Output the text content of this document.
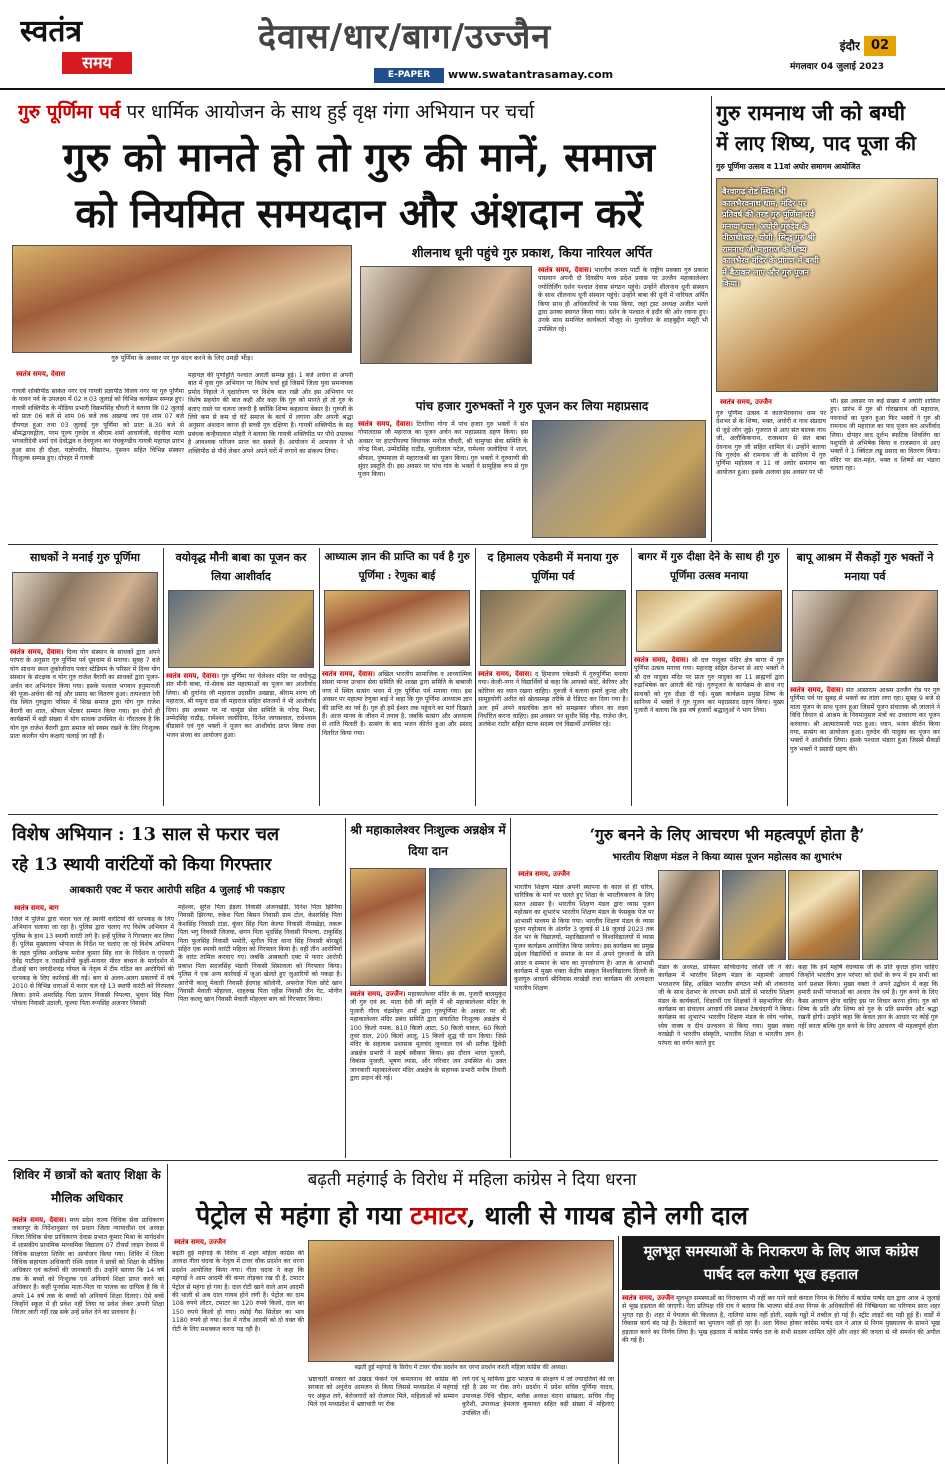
स्वतंत्र
समय
देवास/धार/बाग/उज्जैन
E-PAPER	www.swatantrasamay.com
इंदौर 02
मंगलवार 04 जुलाई 2023
गुरु पूर्णिमा पर्व पर धार्मिक आयोजन के साथ हुई वृक्ष गंगा अभियान पर चर्चा
गुरु को मानते हो तो गुरु की मानें, समाज
को नियमित समयदान और अंशदान करें
गुरु पूर्णिमा के अवसर पर गुरु वंदन करने के लिए उमड़ी भीड़।
स्वतंत्र समय, देवास
गायत्री शक्तिपीठ साकेत नगर एवं गायत्री प्रज्ञापीठ विजय नगर पर गुरु पूर्णिमा के पावन पर्व के उपलक्ष्य में 02 व 03 जुलाई को विभिन्न कार्यक्रम सम्पन्न हुए। गायत्री शक्तिपीठ के मीडिया प्रभारी विक्रमसिंह चौधरी ने बताया कि 02 जुलाई को प्रातः 06 बजे से शाम 06 बजे तक अखण्ड जप एवं शाम 07 बजे दीपयज्ञ हुआ तथा 03 जुलाई गुरु पूर्णिमा को प्रातः 8.30 बजे से श्रीमद्भगवद्गीता, परम पूज्य गुरुदेव व श्रीराम शर्मा आचार्यजी, वंदनीया माता भगवतीदेवी शर्मा एवं देवोद्भव व देवपूजन कर पंचकुण्डीय गायत्री महायज्ञ प्रारंभ हुआ साथ ही दीक्षा, यज्ञोपवीत, विद्यारंभ, पुंसवन सहित विभिन्न संस्कार निःशुल्क सम्पन्न हुए। दोपहर में गायत्री
महायज्ञ की पूर्णाहुति पश्चात आरती सम्पन्न हुई। 1 बजे अर्चना से अपनी बात में युवा गुरु अभियान पर विशेष चर्चा हुई जिसमें जिला युवा समन्वयक प्रमोद निहाले ने वृक्षारोपण पर विशेष बात रखी और इस अभियान पर विशेष सहयोग की बात कही और कहा कि गुरु को मानते हो तो गुरु के बताए रास्ते पर चलना जरूरी है क्योंकि शिष्य कहलाना बेकार है। गुरुजी के लिये कम से कम दो घंटे समाज के कार्य में लगाना और अपनी श्रद्धा अनुसार अंशदान करना ही सच्ची गुरु दक्षिणा है। गायत्री शक्तिपीठ के सह प्रबंधक कन्हैयालाल मोहरी ने बताया कि गायत्री शक्तिपीठ पर पौधे उपलब्ध है आवश्यक परिजन प्राप्त कर सकते हैं। आयोजन में आमजन ने भी शक्तिपीठ से पौधे लेकर अपने अपने घरों में लगाने का संकल्प लिया।
शीलनाथ धूनी पहुंचे गुरु प्रकाश, किया नारियल अर्पित
स्वतंत्र समय, देवास। भारतीय जनता पार्टी के राष्ट्रीय प्रवक्ता गुरु प्रकाश पासवान अपनी दो दिवसीय मध्य प्रदेश प्रवास पर उज्जैन महाकालेश्वर ज्योतिर्लिंग दर्शन पश्चात देवास संगठन पहुंचे। उन्होंने शीलनाथ धूनी संस्थान के साथ शीलनाथ धूनी संस्थान पहुंचे। उन्होंने बाबा की धूनी में नारियल अर्पित किया साथ ही अधिकारियों के पास किया, जहां ट्रस्ट अध्यक्ष अजीत भल्ले द्वारा उनका स्वागत किया गया। दर्शन के पश्चात वे इंदौर की ओर रवाना हुए। उनके साथ समन्वित कार्यकर्ता मौजूद थे। मुरलीधर के शाहबुद्दीन मंसूरी भी उपस्थित रहे।
पांच हजार गुरुभक्तों ने गुरु पूजन कर लिया महाप्रसाद
स्वतंत्र समय, देवास। टिगरिया गोगा में पांच हजार गुरु भक्तों ने संत गोपालदास जी महाराज का पूजन अर्चन कर महाप्रसाद ग्रहण किया। इस अवसर पर हाटपीपल्या विधायक मनोज चौधरी, श्री चामुण्डा सेवा समिति के नरेन्द्र मिश्रा, उम्मेदसिंह राठौड़, मुरलीलाल पटेल, रामेश्वर जलोदिया ने शाल, श्रीफल, पुष्पमाला से महाराजश्री का पूजन किया। गुरु भक्तों ने गुरुवाणी की सुंदर प्रस्तुति दी। इस अवसर पर पांच गांव के भक्तों ने सामूहिक रूप से गुरु पूजन किया।
गुरु रामनाथ जी को बग्घी
में लाए शिष्य, पाद पूजा की
गुरु पूर्णिमा उत्सव व 11वां अघोर समागम आयोजित
बैरवागढ़ रोड स्थित श्री कालभैरवनाथ धाम, मंदिर पर प्रतिवर्ष की तरह गुरु पूर्णिमा पर्व मनाया गया। अघोरी गुरुदेव के पीठाधीश्वर, योगी, सिद्ध गुरु श्री रामनाथ जी महाराज के शिष्य कालभैरव मंदिर के प्रांगण में बग्घी में बैठाकर लाए और गुरु पूजन किया।
स्वतंत्र समय, उज्जैन
गुरु पूर्णिमा उत्सव में कालभैरवनाथ धाम पर देशभर से के शिष्य, भक्त, अघोरी व नाथ संप्रदाय से जुड़े लोग जुड़े। गुजरात से आए संत बालक नाथ जी, अलौकिकनाथ, राजस्थान से संत बाबा देवनाथ गुरु जी सहित शामिल थे। उन्होंने बताया कि गुरुदेव श्री रामनाथ जी के सानिध्य में गुरु पूर्णिमा महोत्सव व 11 वां अघोर समागम का आयोजन हुआ। इसके अलावा इस अवसर पर भी
भी। इस अवसर पर कई संख्या में अघोरी शामिल हुए। प्रारंभ में गुरु श्री गोरखनाथ जी महाराज, नवनाथों का पूजन हुआ फिर भक्तों ने गुरु श्री रामनाथ जी महाराज का पाद पूजन कर आशीर्वाद लिया। दोपहर बाद दुर्लभ स्फटिक शिवलिंग का पशुपति से अभिषेक किया व राजस्थान से आए भक्तों ने 1 क्विंटल लड्डू प्रसाद का वितरण किया। मंदिर पर संत-महंत, भक्त व शिष्यों का भंडारा चलता रहा।
साधकों ने मनाई गुरु पूर्णिमा
स्वतंत्र समय, देवास। दिव्य योग संस्थान के साधकों द्वारा अपने परंपरा के अनुसार गुरु पूर्णिमा पर्व धूमधाम से मनाया। सुबह 7 बजे योग साधना स्थल तुकोजीराव पवार स्टेडियम के परिसर में दिव्य योग संस्थान के संरक्षक व योग गुरु राजेश बैरागी का साधकों द्वारा पूजन-अर्चन कर अभिनंदन किया गया। इसके पश्चात भगवान हनुमानजी की पूजा-अर्चना की गई और प्रसाद का वितरण हुआ। तत्पश्चात रेवी रोड स्थित गुरुद्वारा परिसर में सिख समाज द्वारा योग गुरु राजेश बैरागी का शाल, श्रीफल भेंटकर सम्मान किया गया। इन दोनों ही कार्यक्रमों में बड़ी संख्या में योग साधक उपस्थित थे। गौरतलब है कि योग गुरु राजेश बैरागी द्वारा समाज को स्वस्थ रखने के लिए निःशुल्क प्रातः कालीन योग कक्षाएं चलाई जा रही हैं।
वयोवृद्ध मौनी बाबा का पूजन कर लिया आशीर्वाद
स्वतंत्र समय, देवास। गुरु पूर्णिमा पर चेलेश्वर मंदिर पर वयोवृद्ध संत मौनी बाबा, गो-सेवक संत महात्माओं का पूजन कर आशीर्वाद लिया। श्री दुर्गानंद जी महाराज उदासीन अखाड़ा, श्रीराम शरण जी महाराज, श्री यमुना दास जी महाराज सहित संतजनों ने भी आशीर्वाद दिया। इस अवसर पर मां चामुंडा सेवा समिति के नरेन्द्र मिश्रा, उम्मेदसिंह राठौड़, रामेश्वर जलोदिया, दिनेश जायसवाल, राधेश्याम बीडासने एवं गुरु भक्तों ने पूजन कर आशीर्वाद प्राप्त किया तथा भजन संध्या का आयोजन हुआ।
आध्यात्म ज्ञान की प्राप्ति का पर्व है गुरु पूर्णिमा : रेणुका बाई
स्वतंत्र समय, देवास। अखिल भारतीय सामाजिक व आध्यात्मिक संस्था मानव उत्थान सेवा समिति की शाखा द्वारा समिति के बाबाजी नगर में स्थित सत्संग भवन में गुरु पूर्णिमा पर्व मनाया गया। इस अवसर पर महात्मा रेणुका बाई ने कहा कि गुरु पूर्णिमा आध्यात्म ज्ञान की प्राप्ति का पर्व है। गुरु ही हमें ईश्वर तक पहुंचने का मार्ग दिखाते हैं। आज मानव के जीवन में तनाव है, जबकि सत्संग और आध्यात्म से शांति मिलती है। सत्संग के बाद भजन कीर्तन हुआ और प्रसाद वितरित किया गया।
द हिमालय एकेडमी में मनाया गुरु पूर्णिमा पर्व
स्वतंत्र समय, देवास। द हिमालय एकेडमी में गुरुपूर्णिमा मनाया गया। केजी-नगर ने विद्यार्थियों से कहा कि आपको कोटे, केरियर और कोरियर का ध्यान रखना चाहिए। गुरुजी ने बताया हमारे कुन्दा और सामूहयोगी अतीत को खेलसमझ तरीके से रेडिएट कर दिया गया है। अतः हमें अपने वास्तविक ज्ञान को समझकर जीवन का लक्ष्य निर्धारित करना चाहिए। इस अवसर पर सुधीर सिंह गौड़, राजेश जैन, अलंकेश राठौर सहित स्टाफ सदस्य एवं विद्यार्थी उपस्थित रहे।
बागर में गुरु दीक्षा देने के साथ ही गुरु पूर्णिमा उत्सव मनाया
स्वतंत्र समय, देवास। श्री दत्त पादुका मंदिर क्षेत्र बागर में गुरु पूर्णिमा उत्सव मनाया गया। महाराष्ट्र सहित देशभर से आए भक्तों ने श्री दत्त पादुका मंदिर पर प्रातः गुरु पादुका का 11 ब्राह्मणों द्वारा रुद्राभिषेक कर आरती की गई। गुरुपूजन के कार्यक्रम के साथ नए साधकों को गुरु दीक्षा दी गई। मुख्य कार्यक्रम प्रमुख शिष्य के सानिध्य में भक्तों ने गुरु पूजन कर महाप्रसाद ग्रहण किया। मुख्य पुजारी ने बताया कि इस वर्ष हजारों श्रद्धालुओं ने भाग लिया।
बापू आश्रम में सैकड़ों गुरु भक्तों ने मनाया पर्व
स्वतंत्र समय, देवास। संत आसाराम आश्रम उज्जैन रोड पर गुरु पूर्णिमा पर्व पर सुबह से भक्तों का तांता लगा रहा। सुबह 9 बजे से माता पूजन के साथ पूजन हुआ जिसमें पूजन संचालक श्री जालाने ने विधि विधान से आश्रम के नियमानुसार मंत्रों का उच्चारण कर पूजन करवाया। श्री आत्मारामजी पाठ हुआ। ध्यान, भजन कीर्तन किया गया, सत्संग का आयोजन हुआ। गुरुदेव की पादुका का पूजन कर भक्तों ने आशीर्वाद लिया। इसके पश्चात भंडारा हुआ जिसमें सैकड़ों गुरु भक्तों ने प्रसादी ग्रहण की।
विशेष अभियान : 13 साल से फरार चल
रहे 13 स्थायी वारंटियों को किया गिरफ्तार
आबकारी एक्ट में फरार आरोपी सहित 4 जुलाई भी पकड़ाए
स्वतंत्र समय, बाग
जिले में पुलिस द्वारा फरार चल रहे स्थायी वारंटियों की धरपकड़ के लिए अभियान चलाया जा रहा है। पुलिस द्वारा चलाए गए विशेष अभियान में पुलिस के हाथ 13 स्थायी वारंटी लगे है। इन्हें पुलिस ने गिरफ्तार कर लिया है। पुलिस मुख्यालय भोपाल के निर्देश पर चलाए जा रहे विशेष अभियान के तहत पुलिस अधीक्षक मनोज कुमार सिंह धार के निर्देशन व एएसपी देवेंद्र पाटीदार व एसडीओपी कुक्षी-मनावर मीरत बच्चन के मार्गदर्शन में टीआई बाग जगदीशचंद्र गोयल के नेतृत्व में टीम गठित कर आरोपियों की धरपकड़ के लिए कार्रवाई की गई। बाग से अलग-अलग प्रकरणों में वर्ष 2010 से विभिन्न धाराओं में फरार चल रहे 13 स्थायी वारंटी को गिरफ्तार किया। इनमें अमरसिंह पिता प्रताप निवासी पिपल्या, भुवान सिंह पिता पोचला निवासी उठाली, फूल्या पिता रूपसिंह अजनार निवासी
महेश्वर, सुरेश पिता ईड़ला निवासी अंजनखेड़ी, दिनेश पिता झिनिया निवासी झिरन्या, रुकेश पिता बिसन निवासी ग्राम टोल, केसरसिंह पिता केशसिंह निवासी टांडा, कुंवर सिंह पिता केल्या निवासी नीमखेड़ा, तकरू पिता भगु निवासी जिजवा, छगन पिता भूदसिंह निवासी पिपल्या, टाकुसिंह पिता फूलसिंह निवासी भमोरी, सुनील पिता थाना सिंह निवासी बोरखुर्द सहित एक स्थायी वारंटी महिला को गिरफ्तार किया है। वहीं तीन आरोपियों के वारंट तामिल करवाए गए। जबकि आबकारी एक्ट में फरार आरोपी प्रकाश पिता सदजसिंह भंडारी निवासी सिसावला को गिरफ्तार किया। पुलिस ने एक अन्य कार्रवाई में जुआ खेलते हुए जुआरियों को पकड़ा है। आरोपी कालू मेवाती निवासी ईदगाह कॉलोनी, अफरोज पिता छोटे खान निवासी मेवाती मोहल्ला, शाहरुख पिता रहीस निवासी जैन गेट, मोनीन पिता कल्लू खान निवासी मेवाती मोहल्ला बाग को गिरफ्तार किया।
श्री महाकालेश्वर निःशुल्क अन्नक्षेत्र में दिया दान
स्वतंत्र समय, उज्जैन। महाकालेश्वर मंदिर के स्व. पुजारी बालमुकुंद जी गुरु एवं स्व. माता देवी जी स्मृति में श्री महाकालेश्वर मंदिर के पुजारी गौरव चंद्रमोहन शर्मा द्वारा गुरुपूर्णिमा के अवसर पर श्री महाकालेश्वर मंदिर प्रबंध समिति द्वारा संचालित निःशुल्क अन्नक्षेत्र में 100 किलो नमक, 810 किलो आटा, 50 किलो चावल, 60 किलो तुवर दाल, 200 किलो आलू, 15 किलो शुद्ध घी दान किया। जिसे मंदिर के सहायक प्रशासक मूलचंद जूनवाल एवं श्री प्रतीक द्विवेदी अन्नक्षेत्र प्रभारी ने सहर्ष स्वीकार किया। इस दौरान भारत पुजारी, विकास पुजारी, भूषण व्यास, और परिवार जन उपस्थित थे। उक्त जानकारी महाकालेश्वर मंदिर अन्नक्षेत्र के सहायक प्रभारी मनीष तिवारी द्वारा प्रदान की गई।
‘गुरु बनने के लिए आचरण भी महत्वपूर्ण होता है’
भारतीय शिक्षण मंडल ने किया व्यास पूजन महोत्सव का शुभारंभ
स्वतंत्र समय, उज्जैन
भारतीय शिक्षण मंडल अपनी स्थापना के काल से ही चरित्र, चारित्रिक के मार्ग पर चलते हुए शिक्षा के भारतीयकरण के लिए सतत अग्रसर है। भारतीय शिक्षण मंडल द्वारा व्यास पूजन महोत्सव का शुभारंभ भारतीय शिक्षण मंडल के फेसबुक पेज पर आभासी माध्यम से किया गया। भारतीय शिक्षण मंडल के व्यास पूजन महोत्सव के अंतर्गत 3 जुलाई से 18 जुलाई 2023 तक देश भर के विद्यालयों, महाविद्यालयों व विश्वविद्यालयों में व्यास पूजन कार्यक्रम आयोजित किया जायेगा। इस कार्यक्रम का प्रमुख उद्देश्य विद्यार्थियों व समाज के मन में अपने गुरुजनों के प्रति आदर व सम्मान के भाव का पुनर्जागरण है। आज के आभासी कार्यक्रम में मुख्य वक्ता केंद्रीय संस्कृत विश्वविद्यालय दिल्ली के कुलगुरु आचार्य श्रीनिवास वरखेड़ी तथा कार्यक्रम की अध्यक्षता भारतीय शिक्षण
मंडल के अध्यक्ष, प्रोफेसर सच्चिदानंद जोशी जी ने की। कार्यक्रम में भारतीय शिक्षण मंडल के महामंत्री आचार्य भरतशरण सिंह, अखिल भारतीय संगठन मंत्री श्री शंकरानंद जी के साथ देशभर के लगभग सभी प्रांतों से भारतीय शिक्षण मंडल के कार्यकर्ता, शिक्षार्थी एव शिक्षकों ने सहभागिता की। कार्यक्रम का संचालन आचार्य रवि प्रकाश टेकचंदानी ने किया। कार्यक्रम का शुभारंभ भारतीय शिक्षण मंडल के ध्येय श्लोक, ध्येय वाक्य व दीप प्रज्वलन से किया गया। मुख्य वक्ता वरखेड़ी ने भारतीय संस्कृति, भारतीय शिक्षा व भारतीय ज्ञान परंपरा का वर्णन करते हुए
कहा कि हमें महर्षि वेदव्यास जी के प्रति कृतज्ञ होना चाहिए जिन्होंने भारतीय ज्ञान परंपरा को ग्रंथों के रूप में हम सभी का मार्ग प्रशस्त किया। मुख्य वक्ता ने अपने उद्बोधन में कहा कि हमारी सभी परंपराओं का आधार नेत्र धर्म है। गुरु बनने के लिए कैसा आचरण होना चाहिए इस पर विचार करना होगा। गुरु को शिष्य के प्रति और शिष्य को गुरु के प्रति समर्पण और श्रद्धा रखनी होगी। उन्होंने कहा कि केवल ज्ञान के आधार पर कोई गुरु नहीं बनता बल्कि गुरु बनने के लिए आचरण भी महत्वपूर्ण होता है।
शिविर में छात्रों को बताए शिक्षा के मौलिक अधिकार
स्वतंत्र समय, देवास। मध्य प्रदेश राज्य विधिक सेवा प्राधिकरण जबलपुर के निर्देशानुसार एवं प्रधान जिला न्यायाधीश एवं अध्यक्ष जिला विधिक सेवा प्राधिकरण देवास प्रभात कुमार मिश्रा के मार्गदर्शन में शासकीय प्राथमिक माध्यमिक विद्यालय 07 टीचर्स लाइन देवास में विधिक साक्षरता शिविर का आयोजन किया गया। शिविर में जिला विधिक सहायता अधिकारी रश्मि दवाल ने छात्रों को शिक्षा के मौलिक अधिकार एवं कर्तव्यों की जानकारी दी। उन्होंने बताया कि 14 वर्ष तक के बच्चों को निःशुल्क एवं अनिवार्य शिक्षा प्राप्त करने का अधिकार है। कहीं पुनर्वास माता-पिता या पालक का दायित्व है कि वे अपने 14 वर्ष तक के बच्चों को अनिवार्य शिक्षा दिलाएं। ऐसे बच्चे जिन्होंने स्कूल में ही प्रवेश नहीं लिया या प्रवेश लेकर अपनी शिक्षा निरंतर जारी नहीं रख सके उन्हें प्रवेश देने का प्रावधान है।
बढ़ती महंगाई के विरोध में महिला कांग्रेस ने दिया धरना
पेट्रोल से महंगा हो गया टमाटर, थाली से गायब होने लगी दाल
स्वतंत्र समय, उज्जैन
बढ़ती हुई महंगाई के विरोध में शहर महिला कांग्रेस की अध्यक्ष नीता चंदवा के नेतृत्व में टावर चौक प्रदर्शन कर धरना प्रदर्शन आयोजित किया गया। गीता चदवा ने कहा कि महंगाई ने आम आदमी की कमर तोड़कर रख दी है, टमाटर पेट्रोल से महंगा हो गया है। दाल रोटी खाने वाले आम आदमी की थाली से अब दाल गायब होने लगी है। पेट्रोल का दाम 108 रुपये लीटर, टमाटर का 120 रुपये किलो, दाल का 150 रुपये किलो हो गया। रसोई गैस सिलेंडर का भाव 1180 रुपये हो गया। देश में गरीब आदमी को दो वक्त की रोटी के लिए मशक्कत करना पड़ रही है।
बढ़ती हुई महंगाई के विरोध में टावर चौक प्रदर्शन कर धरना प्रदर्शन करती महिला कांग्रेस की अध्यक्ष।
भ्रष्टाचारी सरकार को उखाड़ फेंकने एवं कमलनाथ की कांग्रेस की सरकार को अनुरोध आमजन से किया जिससे मध्यप्रदेश में महंगाई पर अंकुश लगे, बेरोजगारों को रोजगार मिले, महिलाओं को सम्मान मिले एवं मध्यप्रदेश में भ्रष्टाचारी पर रोक
लगे एवं भू माफिया द्वारा भाजपा के संरक्षण में जो ज्यादतियां की जा रही है उस पर रोक लगे। प्रदर्शन में प्रदेश सचिव पूर्णिमा यादव, उपाध्यक्ष निधि चौहान, ब्लॉक अध्यक्ष वंदना सांखला, सचिव नीलू कुरैशी, उपाध्यक्ष हेमलता कुमावत सहित बड़ी संख्या में महिलाएं उपस्थित थीं।
मूलभूत समस्याओं के निराकरण के लिए आज कांग्रेस पार्षद दल करेगा भूख हड़ताल
स्वतंत्र समय, उज्जैन मूलभूत समस्याओं का निराकरण भी नहीं कर पाने वाले कंगाल निगम के विरोध में कांग्रेस पार्षद दल द्वारा आज 4 जुलाई से भूख हड़ताल की जाएगी। नेता प्रतिपक्ष रवि राय ने बताया कि भाजपा बोर्ड तथा निगम के अधिकारियों की निष्क्रियता का परिणाम सारा शहर भुगत रहा है। शहर में पेयजल की किल्लत है, नालियां साफ नहीं होती, सड़कें गड्ढों में तब्दील हो गई हैं। स्ट्रीट लाइटें बंद पड़ी हुई हैं। वार्डों में विकास कार्य बंद पड़े हैं। ठेकेदारों का भुगतान नहीं हो रहा है। अतः विवश होकर कांग्रेस पार्षद दल ने आज से निगम मुख्यालय के सामने भूख हड़ताल करने का निर्णय लिया है। भूख हड़ताल में कांग्रेस पार्षद दल के सभी सदस्य शामिल रहेंगे और शहर की जनता से भी समर्थन की अपील की गई है।
